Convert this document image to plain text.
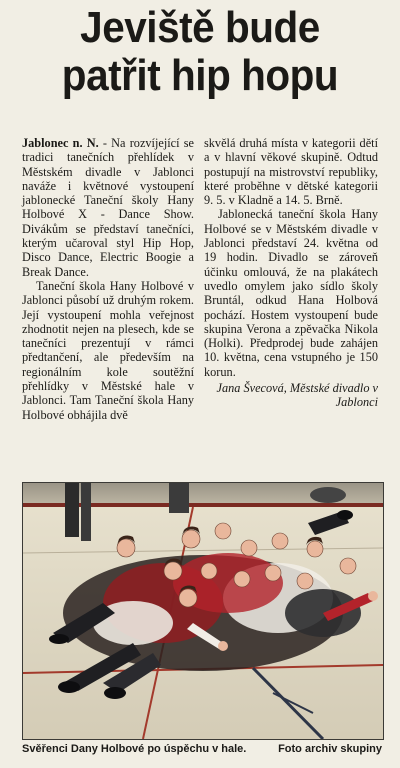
Jeviště bude
patřit hip hopu

Jablonec n. N. - Na rozvíjející se tradici tanečních přehlídek v Městském divadle v Jablonci naváže i květnové vystoupení jablonecké Taneční školy Hany Holbové X - Dance Show. Divákům se představí tanečníci, kterým učaroval styl Hip Hop, Disco Dance, Electric Boogie a Break Dance.

Taneční škola Hany Holbové v Jablonci působí už druhým rokem. Její vystoupení mohla veřejnost zhodnotit nejen na plesech, kde se tanečníci prezentují v rámci předtančení, ale především na regionálním kole soutěžní přehlídky v Městské hale v Jablonci. Tam Taneční škola Hany Holbové obhájila dvě

skvělá druhá místa v kategorii dětí a v hlavní věkové skupině. Odtud postupují na mistrovství republiky, které proběhne v dětské kategorii 9. 5. v Kladně a 14. 5. Brně.

Jablonecká taneční škola Hany Holbové se v Městském divadle v Jablonci představí 24. května od 19 hodin. Divadlo se zároveň účinku omlouvá, že na plakátech uvedlo omylem jako sídlo školy Bruntál, odkud Hana Holbová pochází. Hostem vystoupení bude skupina Verona a zpěvačka Nikola (Holki). Předprodej bude zahájen 10. května, cena vstupného je 150 korun.

Jana Švecová, Městské divadlo v Jablonci
Svěřenci Dany Holbové po úspěchu v hale.	Foto archiv skupiny
